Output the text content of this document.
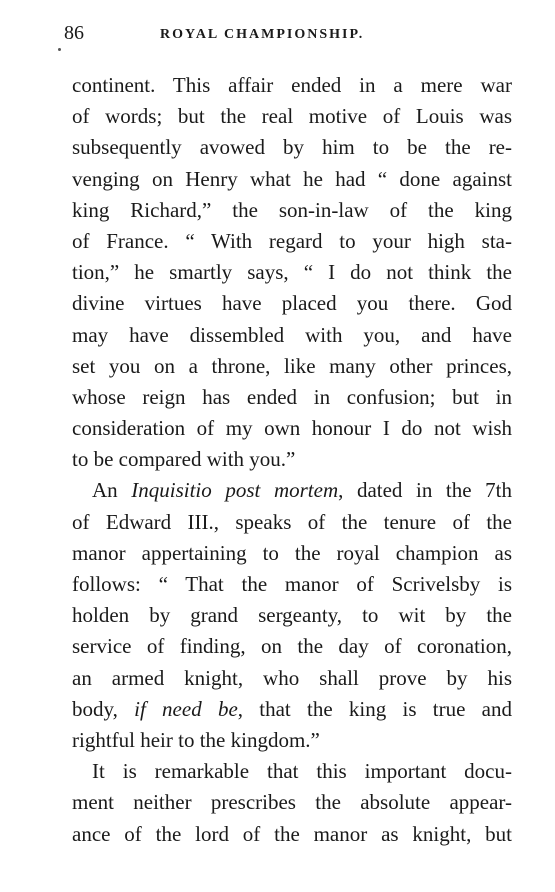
86	ROYAL CHAMPIONSHIP.
continent. This affair ended in a mere war
of words; but the real motive of Louis was
subsequently avowed by him to be the re-
venging on Henry what he had “ done against
king Richard,” the son-in-law of the king
of France. “ With regard to your high sta-
tion,” he smartly says, “ I do not think the
divine virtues have placed you there. God
may have dissembled with you, and have
set you on a throne, like many other princes,
whose reign has ended in confusion; but in
consideration of my own honour I do not wish
to be compared with you.”
An Inquisitio post mortem, dated in the 7th
of Edward III., speaks of the tenure of the
manor appertaining to the royal champion as
follows: “ That the manor of Scrivelsby is
holden by grand sergeanty, to wit by the
service of finding, on the day of coronation,
an armed knight, who shall prove by his
body, if need be, that the king is true and
rightful heir to the kingdom.”
It is remarkable that this important docu-
ment neither prescribes the absolute appear-
ance of the lord of the manor as knight, but
